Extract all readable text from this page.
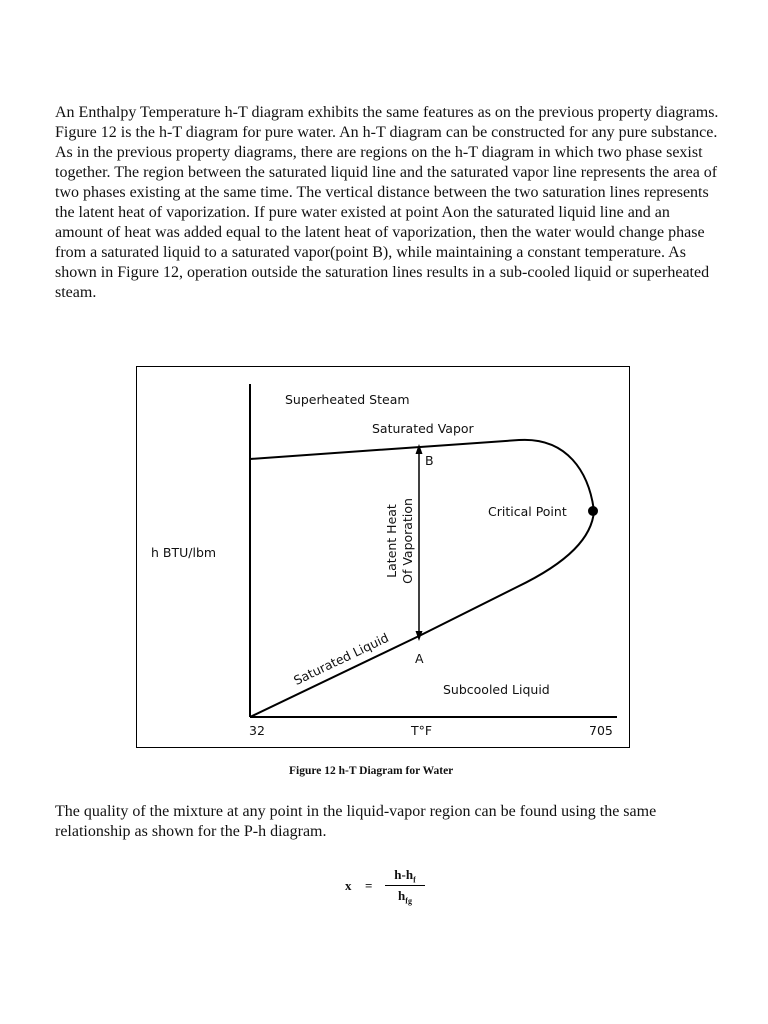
An Enthalpy Temperature h-T diagram exhibits the same features as on the previous property diagrams. Figure 12 is the h-T diagram for pure water. An h-T diagram can be constructed for any pure substance. As in the previous property diagrams, there are regions on the h-T diagram in which two phase sexist together. The region between the saturated liquid line and the saturated vapor line represents the area of two phases existing at the same time. The vertical distance between the two saturation lines represents the latent heat of vaporization. If pure water existed at point Aon the saturated liquid line and an amount of heat was added equal to the latent heat of vaporization, then the water would change phase from a saturated liquid to a saturated vapor(point B), while maintaining a constant temperature. As shown in Figure 12, operation outside the saturation lines results in a sub-cooled liquid or superheated steam.

Superheated Steam
Saturated Vapor
B
Critical Point
h BTU/lbm	Latent Heat Of Vaporation
Saturated Liquid A
Subcooled Liquid
32	T°F	705
Figure 12 h-T Diagram for Water

The quality of the mixture at any point in the liquid-vapor region can be found using the same relationship as shown for the P-h diagram.

x =
$h-h_f$
$h_{fg}$
